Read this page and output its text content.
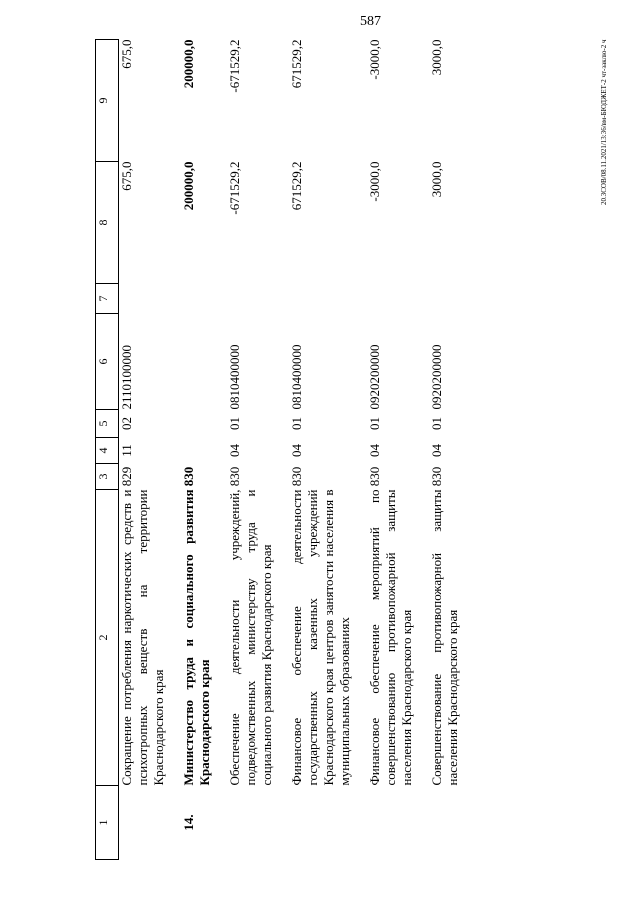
587
20.3COB/08.11.2021/13:36/вм-БЮДЖЕТ-2 чт-заклю-2 ч
1	2	3	4	5	6	7	8	9
	Сокращение потребления наркотических средств и психотропных веществ на территории Краснодарского края	829	11	02	2110100000		675,0	675,0
14.	Министерство труда и социального развития Краснодарского края	830					200000,0	200000,0
	Обеспечение деятельности учреждений, подведомственных министерству труда и социального развития Краснодарского края	830	04	01	0810400000		-671529,2	-671529,2
	Финансовое обеспечение деятельности государственных казенных учреждений Краснодарского края центров занятости населения в муниципальных образованиях	830	04	01	0810400000		671529,2	671529,2
	Финансовое обеспечение мероприятий по совершенствованию противопожарной защиты населения Краснодарского края	830	04	01	0920200000		-3000,0	-3000,0
	Совершенствование противопожарной защиты населения Краснодарского края	830	04	01	0920200000		3000,0	3000,0
